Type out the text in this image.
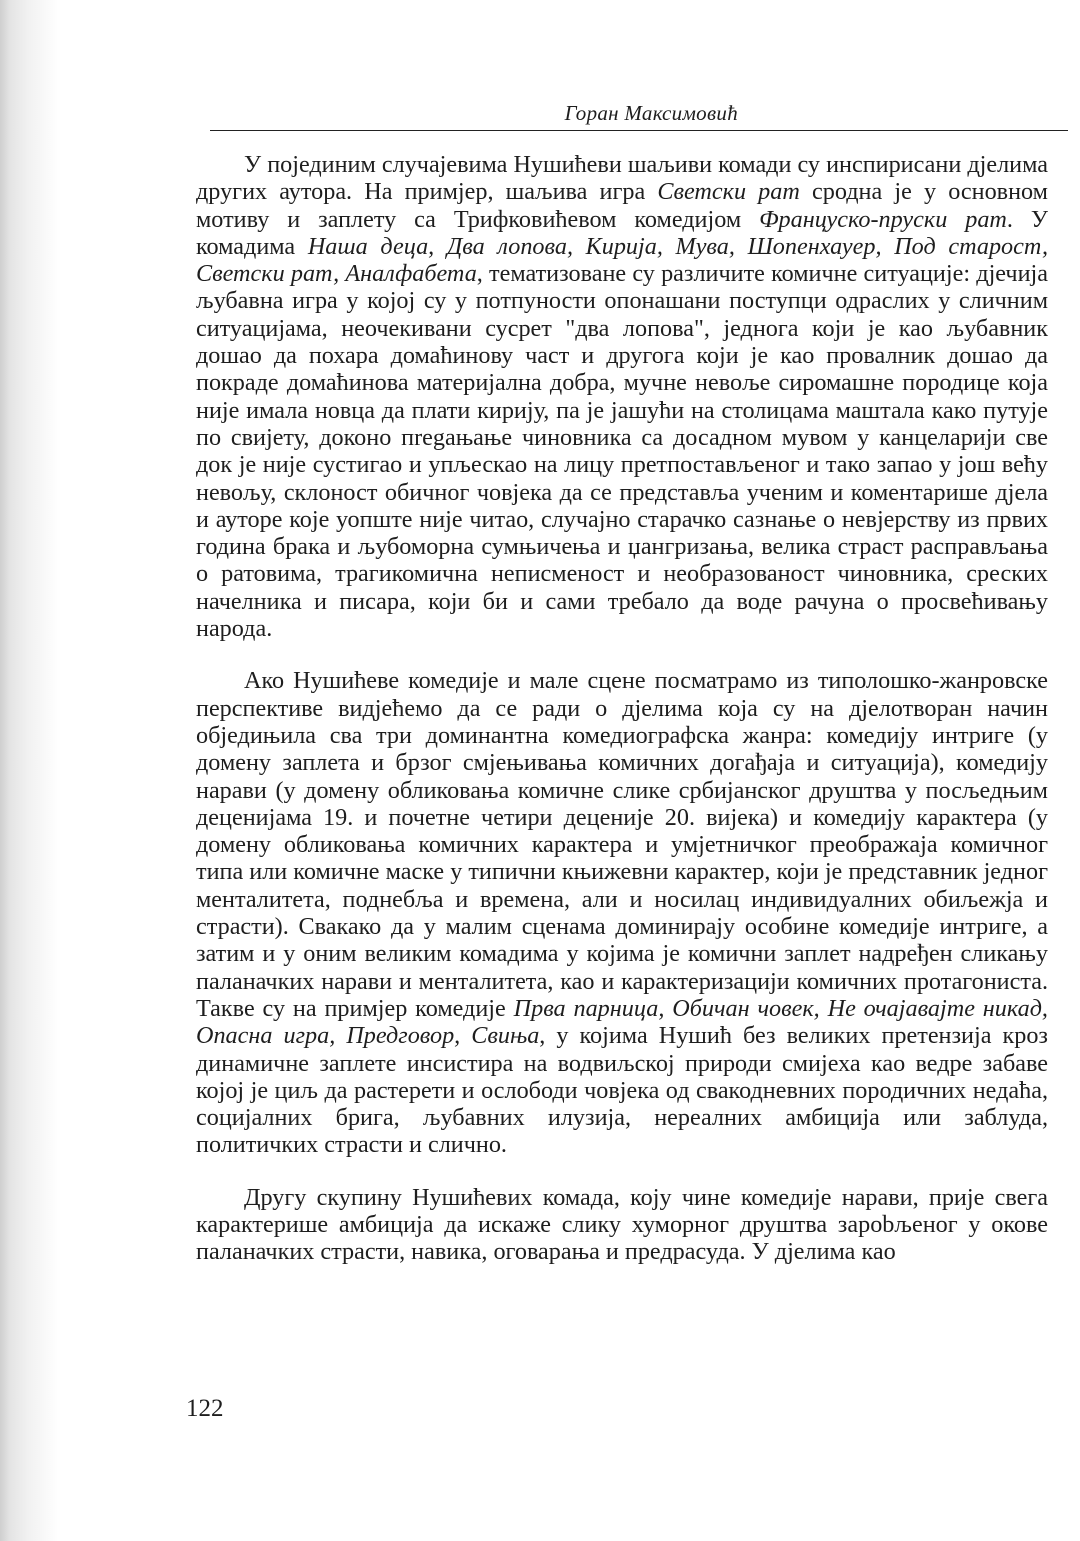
Горан Максимовић

У појединим случајевима Нушићеви шаљиви комади су инспирисани дјелима других аутора. На примјер, шаљива игра Светски рат сродна је у основном мотиву и заплету са Трифковићевом комедијом Француско-пруски рат. У комадима Наша деца, Два лопова, Кирија, Мува, Шопенхауер, Под старост, Светски рат, Аналфабета, тематизоване су различите комичне ситуације: дјечија љубавна игра у којој су у потпуности опонашани поступци одраслих у сличним ситуацијама, неочекивани сусрет "два лопова", једнога који је као љубавник дошао да похара домаћинову част и другога који је као провалник дошао да покраде домаћинова материјална добра, мучне невоље сиромашне породице која није имала новца да плати кирију, па је јашући на столицама маштала како путује по свијету, доконо пregaњање чиновника са досадном мувом у канцеларији све док је није сустигао и упљескао на лицу претпостављеног и тако запао у још већу невољу, склоност обичног човјека да се представља ученим и коментарише дјела и ауторе које уопште није читао, случајно старачко сазнање о невјерству из првих година брака и љубоморна сумњичења и џангризања, велика страст расправљања о ратовима, трагикомична неписменост и необразованост чиновника, среских начелника и писара, који би и сами требало да воде рачуна о просвећивању народа.

Ако Нушићеве комедије и мале сцене посматрамо из типолошко-жанровске перспективе видјећемо да се ради о дјелима која су на дјелотворан начин обједињила сва три доминантна комедиографска жанра: комедију интриге (у домену заплета и брзог смјењивања комичних догађаја и ситуација), комедију нарави (у домену обликовања комичне слике србијанског друштва у посљедњим деценијама 19. и почетне четири деценије 20. вијека) и комедију карактера (у домену обликовања комичних карактера и умјетничког преображаја комичног типа или комичне маске у типични књижевни карактер, који је представник једног менталитета, поднебља и времена, али и носилац индивидуалних обиљежја и страсти). Свакако да у малим сценама доминирају особине комедије интриге, а затим и у оним великим комадима у којима је комични заплет надређен сликању паланачких нарави и менталитета, као и карактеризацији комичних протагониста. Такве су на примјер комедије Прва парница, Обичан човек, Не очајавајте никад, Опасна игра, Предговор, Свиња, у којима Нушић без великих претензија кроз динамичне заплете инсистира на водвиљској природи смијеха као ведре забаве којој је циљ да растерети и ослободи човјека од свакодневних породичних недаћа, социјалних брига, љубавних илузија, нереалних амбиција или заблуда, политичких страсти и слично.

Другу скупину Нушићевих комада, коју чине комедије нарави, прије свега карактерише амбиција да искаже слику хуморног друштва зарobљеног у окове паланачких страсти, навика, оговарања и предрасуда. У дјелима као

122
